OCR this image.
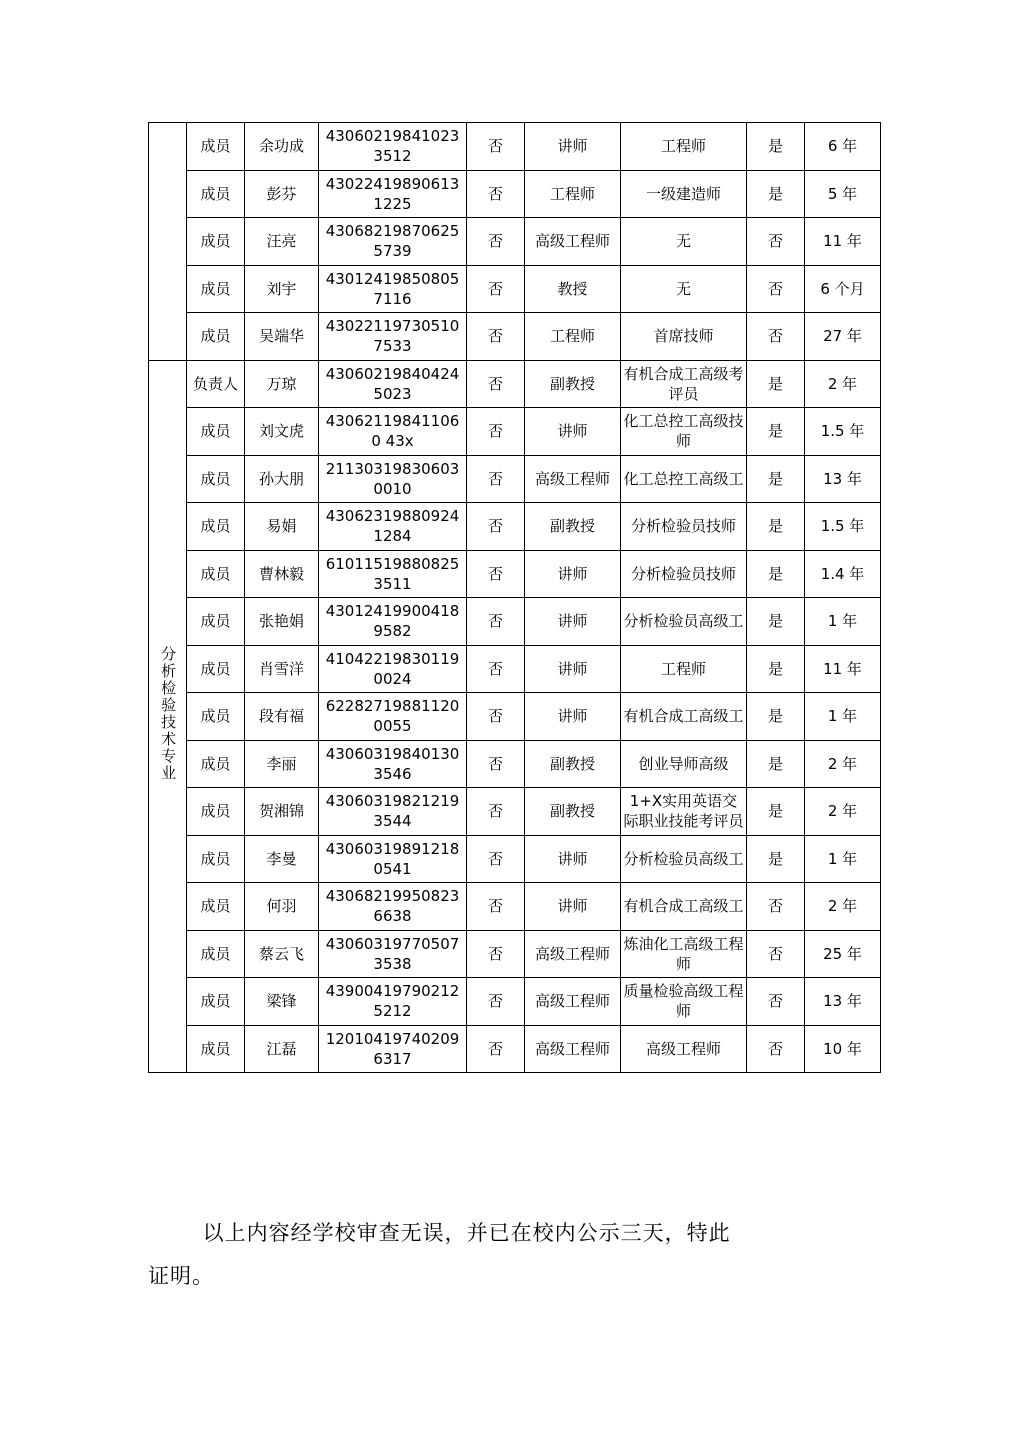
	成员	余功成	430602198410233512	否	讲师	工程师	是	6 年
	成员	彭芬	430224198906131225	否	工程师	一级建造师	是	5 年
	成员	汪亮	430682198706255739	否	高级工程师	无	否	11 年
	成员	刘宇	430124198508057116	否	教授	无	否	6 个月
	成员	吴端华	430221197305107533	否	工程师	首席技师	否	27 年
分析检验技术专业	负责人	万琼	430602198404245023	否	副教授	有机合成工高级考评员	是	2 年
	成员	刘文虎	430621198411060 43x	否	讲师	化工总控工高级技师	是	1.5 年
	成员	孙大朋	211303198306030010	否	高级工程师	化工总控工高级工	是	13 年
	成员	易娟	430623198809241284	否	副教授	分析检验员技师	是	1.5 年
	成员	曹林毅	610115198808253511	否	讲师	分析检验员技师	是	1.4 年
	成员	张艳娟	430124199004189582	否	讲师	分析检验员高级工	是	1 年
	成员	肖雪洋	410422198301190024	否	讲师	工程师	是	11 年
	成员	段有福	622827198811200055	否	讲师	有机合成工高级工	是	1 年
	成员	李丽	430603198401303546	否	副教授	创业导师高级	是	2 年
	成员	贺湘锦	430603198212193544	否	副教授	1+X实用英语交际职业技能考评员	是	2 年
	成员	李曼	430603198912180541	否	讲师	分析检验员高级工	是	1 年
	成员	何羽	430682199508236638	否	讲师	有机合成工高级工	否	2 年
	成员	蔡云飞	430603197705073538	否	高级工程师	炼油化工高级工程师	否	25 年
	成员	梁锋	439004197902125212	否	高级工程师	质量检验高级工程师	否	13 年
	成员	江磊	120104197402096317	否	高级工程师	高级工程师	否	10 年

以上内容经学校审查无误，并已在校内公示三天，特此

证明。
